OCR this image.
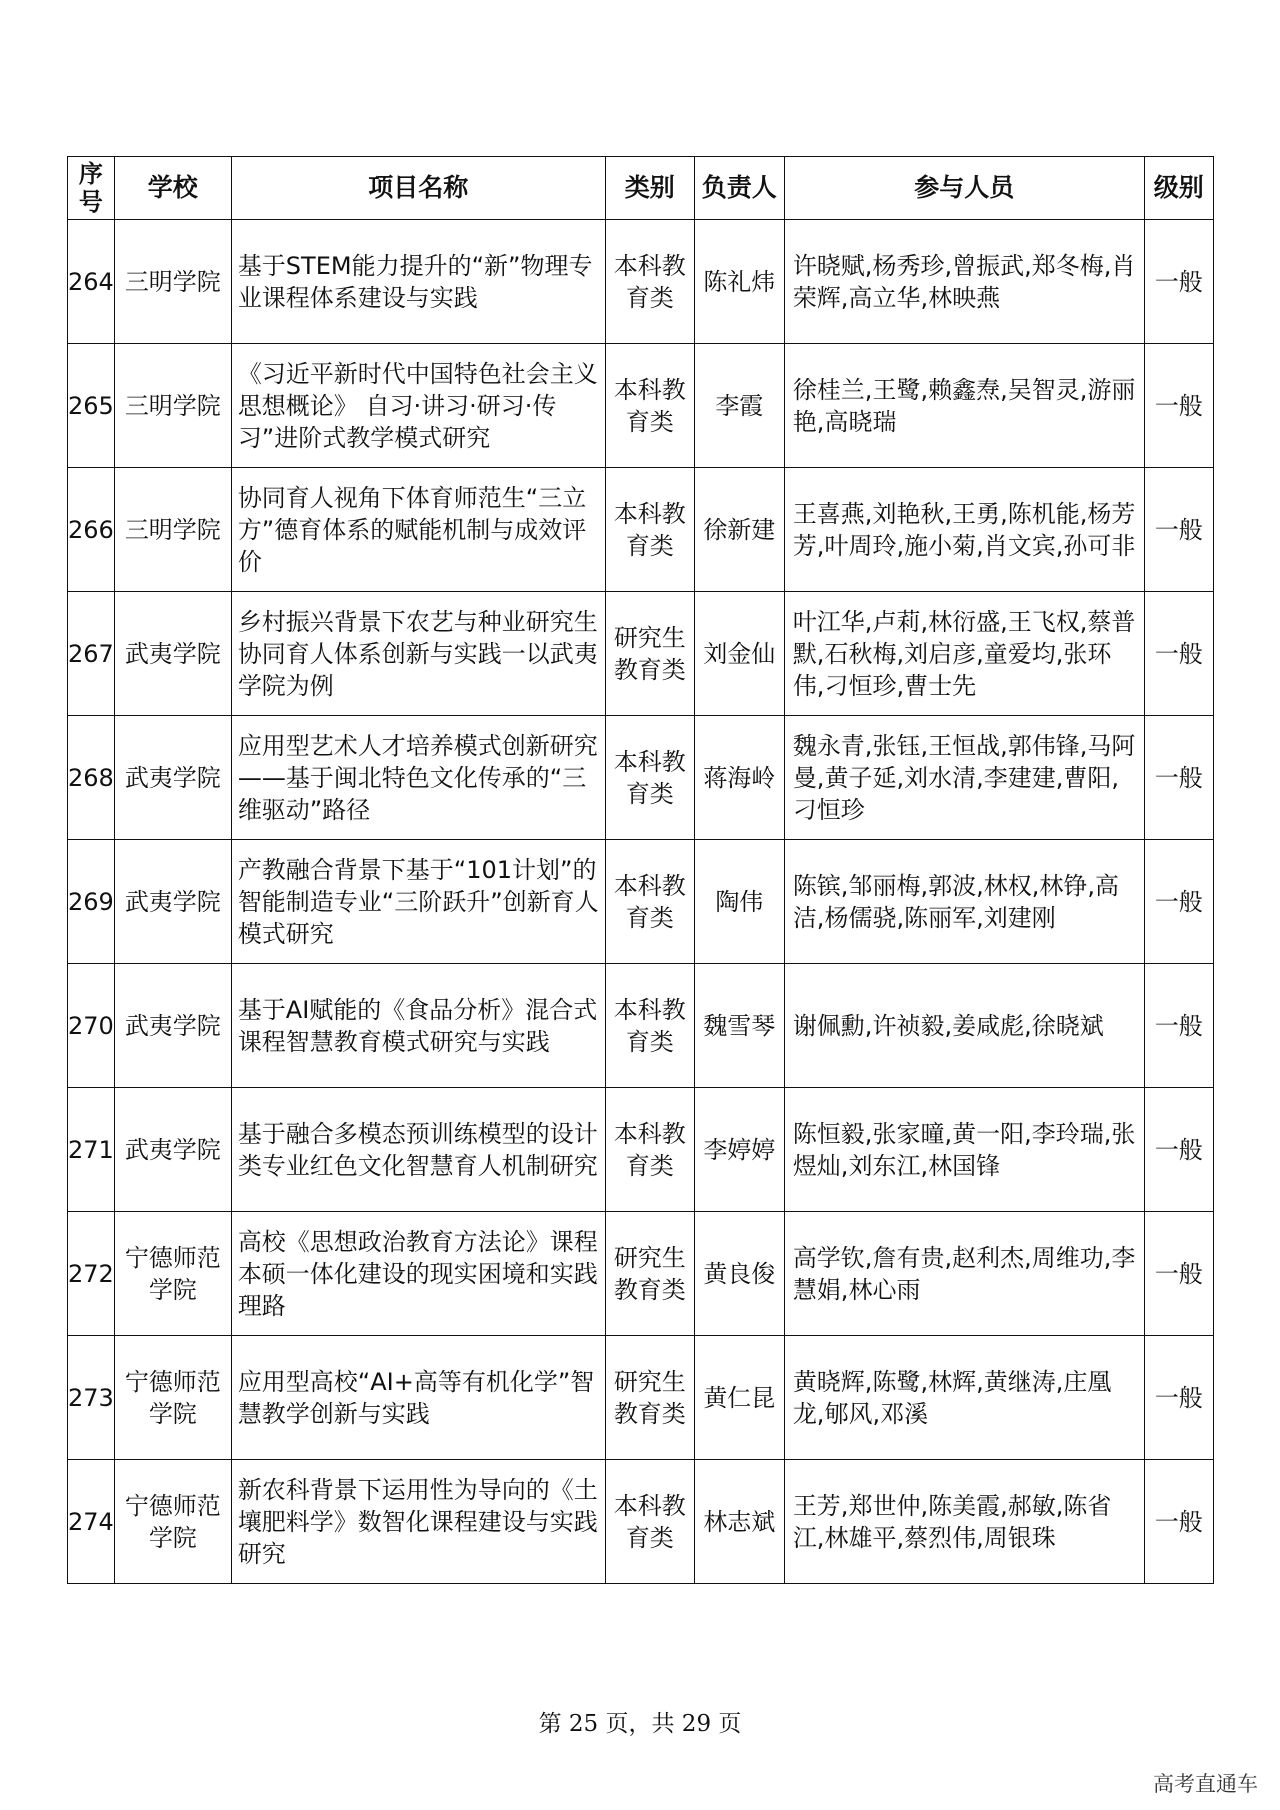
序号	学校	项目名称	类别	负责人	参与人员	级别
264	三明学院	基于STEM能力提升的“新”物理专业课程体系建设与实践	本科教育类	陈礼炜	许晓赋,杨秀珍,曾振武,郑冬梅,肖荣辉,高立华,林映燕	一般
265	三明学院	《习近平新时代中国特色社会主义思想概论》 自习·讲习·研习·传习”进阶式教学模式研究	本科教育类	李霞	徐桂兰,王鹭,赖鑫焘,吴智灵,游丽艳,高晓瑞	一般
266	三明学院	协同育人视角下体育师范生“三立方”德育体系的赋能机制与成效评价	本科教育类	徐新建	王喜燕,刘艳秋,王勇,陈机能,杨芳芳,叶周玲,施小菊,肖文宾,孙可非	一般
267	武夷学院	乡村振兴背景下农艺与种业研究生协同育人体系创新与实践一以武夷学院为例	研究生教育类	刘金仙	叶江华,卢莉,林衍盛,王飞权,蔡普默,石秋梅,刘启彦,童爱均,张环伟,刁恒珍,曹士先	一般
268	武夷学院	应用型艺术人才培养模式创新研究——基于闽北特色文化传承的“三维驱动”路径	本科教育类	蒋海岭	魏永青,张钰,王恒战,郭伟锋,马阿曼,黄子延,刘水清,李建建,曹阳,刁恒珍	一般
269	武夷学院	产教融合背景下基于“101计划”的智能制造专业“三阶跃升”创新育人模式研究	本科教育类	陶伟	陈镔,邹丽梅,郭波,林权,林铮,高洁,杨儒骁,陈丽军,刘建刚	一般
270	武夷学院	基于AI赋能的《食品分析》混合式课程智慧教育模式研究与实践	本科教育类	魏雪琴	谢佩勳,许祯毅,姜咸彪,徐晓斌	一般
271	武夷学院	基于融合多模态预训练模型的设计类专业红色文化智慧育人机制研究	本科教育类	李婷婷	陈恒毅,张家曈,黄一阳,李玲瑞,张煜灿,刘东江,林国锋	一般
272	宁德师范学院	高校《思想政治教育方法论》课程本硕一体化建设的现实困境和实践理路	研究生教育类	黄良俊	高学钦,詹有贵,赵利杰,周维功,李慧娟,林心雨	一般
273	宁德师范学院	应用型高校“AI+高等有机化学”智慧教学创新与实践	研究生教育类	黄仁昆	黄晓辉,陈鹭,林辉,黄继涛,庄凰龙,郇风,邓溪	一般
274	宁德师范学院	新农科背景下运用性为导向的《土壤肥料学》数智化课程建设与实践研究	本科教育类	林志斌	王芳,郑世仲,陈美霞,郝敏,陈省江,林雄平,蔡烈伟,周银珠	一般
第 25 页，共 29 页
高考直通车
